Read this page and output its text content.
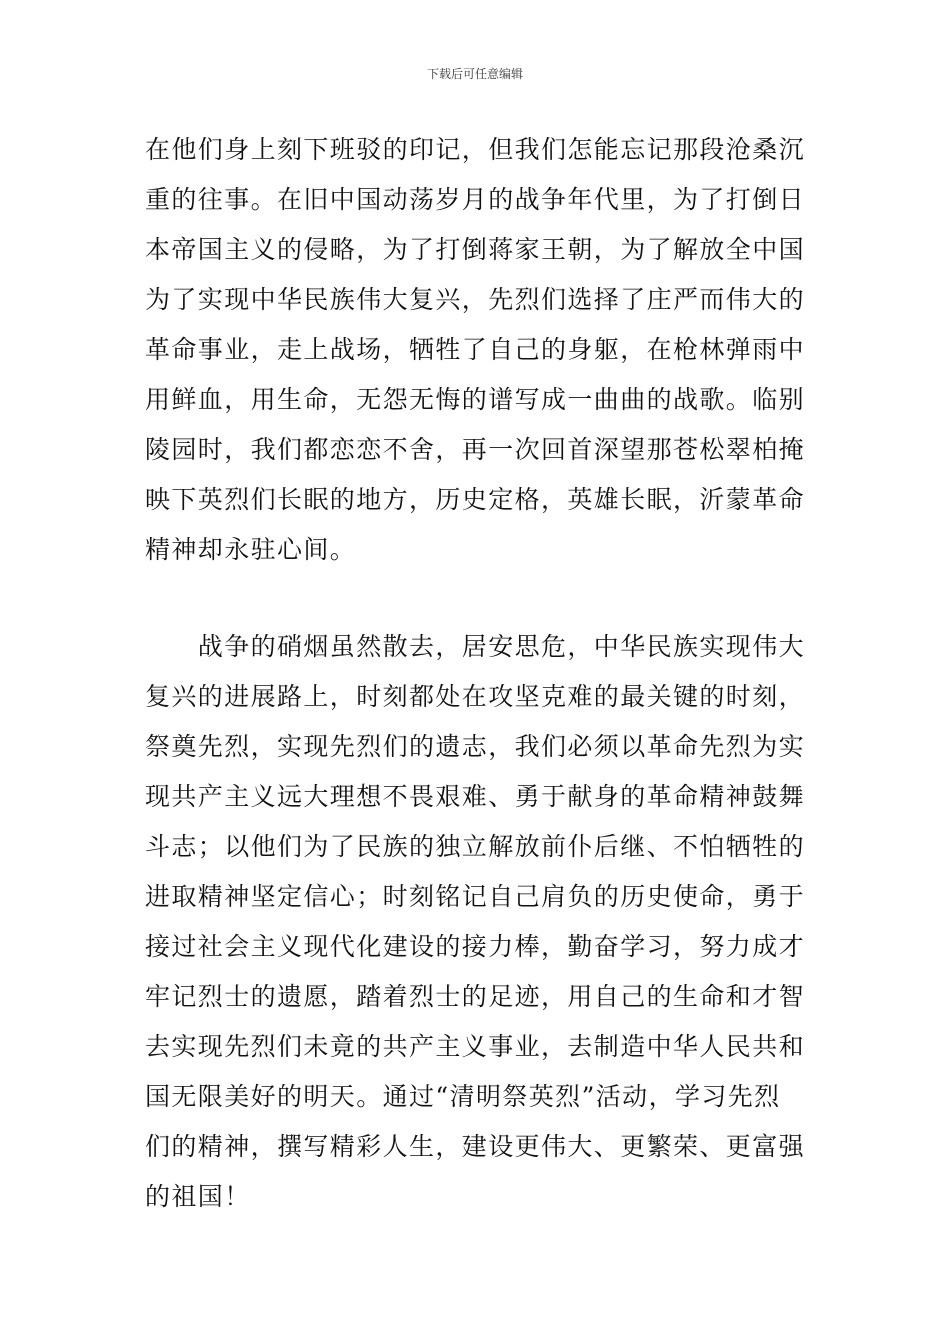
下载后可任意编辑
在他们身上刻下班驳的印记，但我们怎能忘记那段沧桑沉
重的往事。在旧中国动荡岁月的战争年代里，为了打倒日
本帝国主义的侵略，为了打倒蒋家王朝，为了解放全中国
为了实现中华民族伟大复兴，先烈们选择了庄严而伟大的
革命事业，走上战场，牺牲了自己的身躯，在枪林弹雨中
用鲜血，用生命，无怨无悔的谱写成一曲曲的战歌。临别
陵园时，我们都恋恋不舍，再一次回首深望那苍松翠柏掩
映下英烈们长眠的地方，历史定格，英雄长眠，沂蒙革命
精神却永驻心间。
　　战争的硝烟虽然散去，居安思危，中华民族实现伟大
复兴的进展路上，时刻都处在攻坚克难的最关键的时刻，
祭奠先烈，实现先烈们的遗志，我们必须以革命先烈为实
现共产主义远大理想不畏艰难、勇于献身的革命精神鼓舞
斗志；以他们为了民族的独立解放前仆后继、不怕牺牲的
进取精神坚定信心；时刻铭记自己肩负的历史使命，勇于
接过社会主义现代化建设的接力棒，勤奋学习，努力成才
牢记烈士的遗愿，踏着烈士的足迹，用自己的生命和才智
去实现先烈们未竟的共产主义事业，去制造中华人民共和
国无限美好的明天。通过“清明祭英烈”活动，学习先烈
们的精神，撰写精彩人生，建设更伟大、更繁荣、更富强
的祖国！
